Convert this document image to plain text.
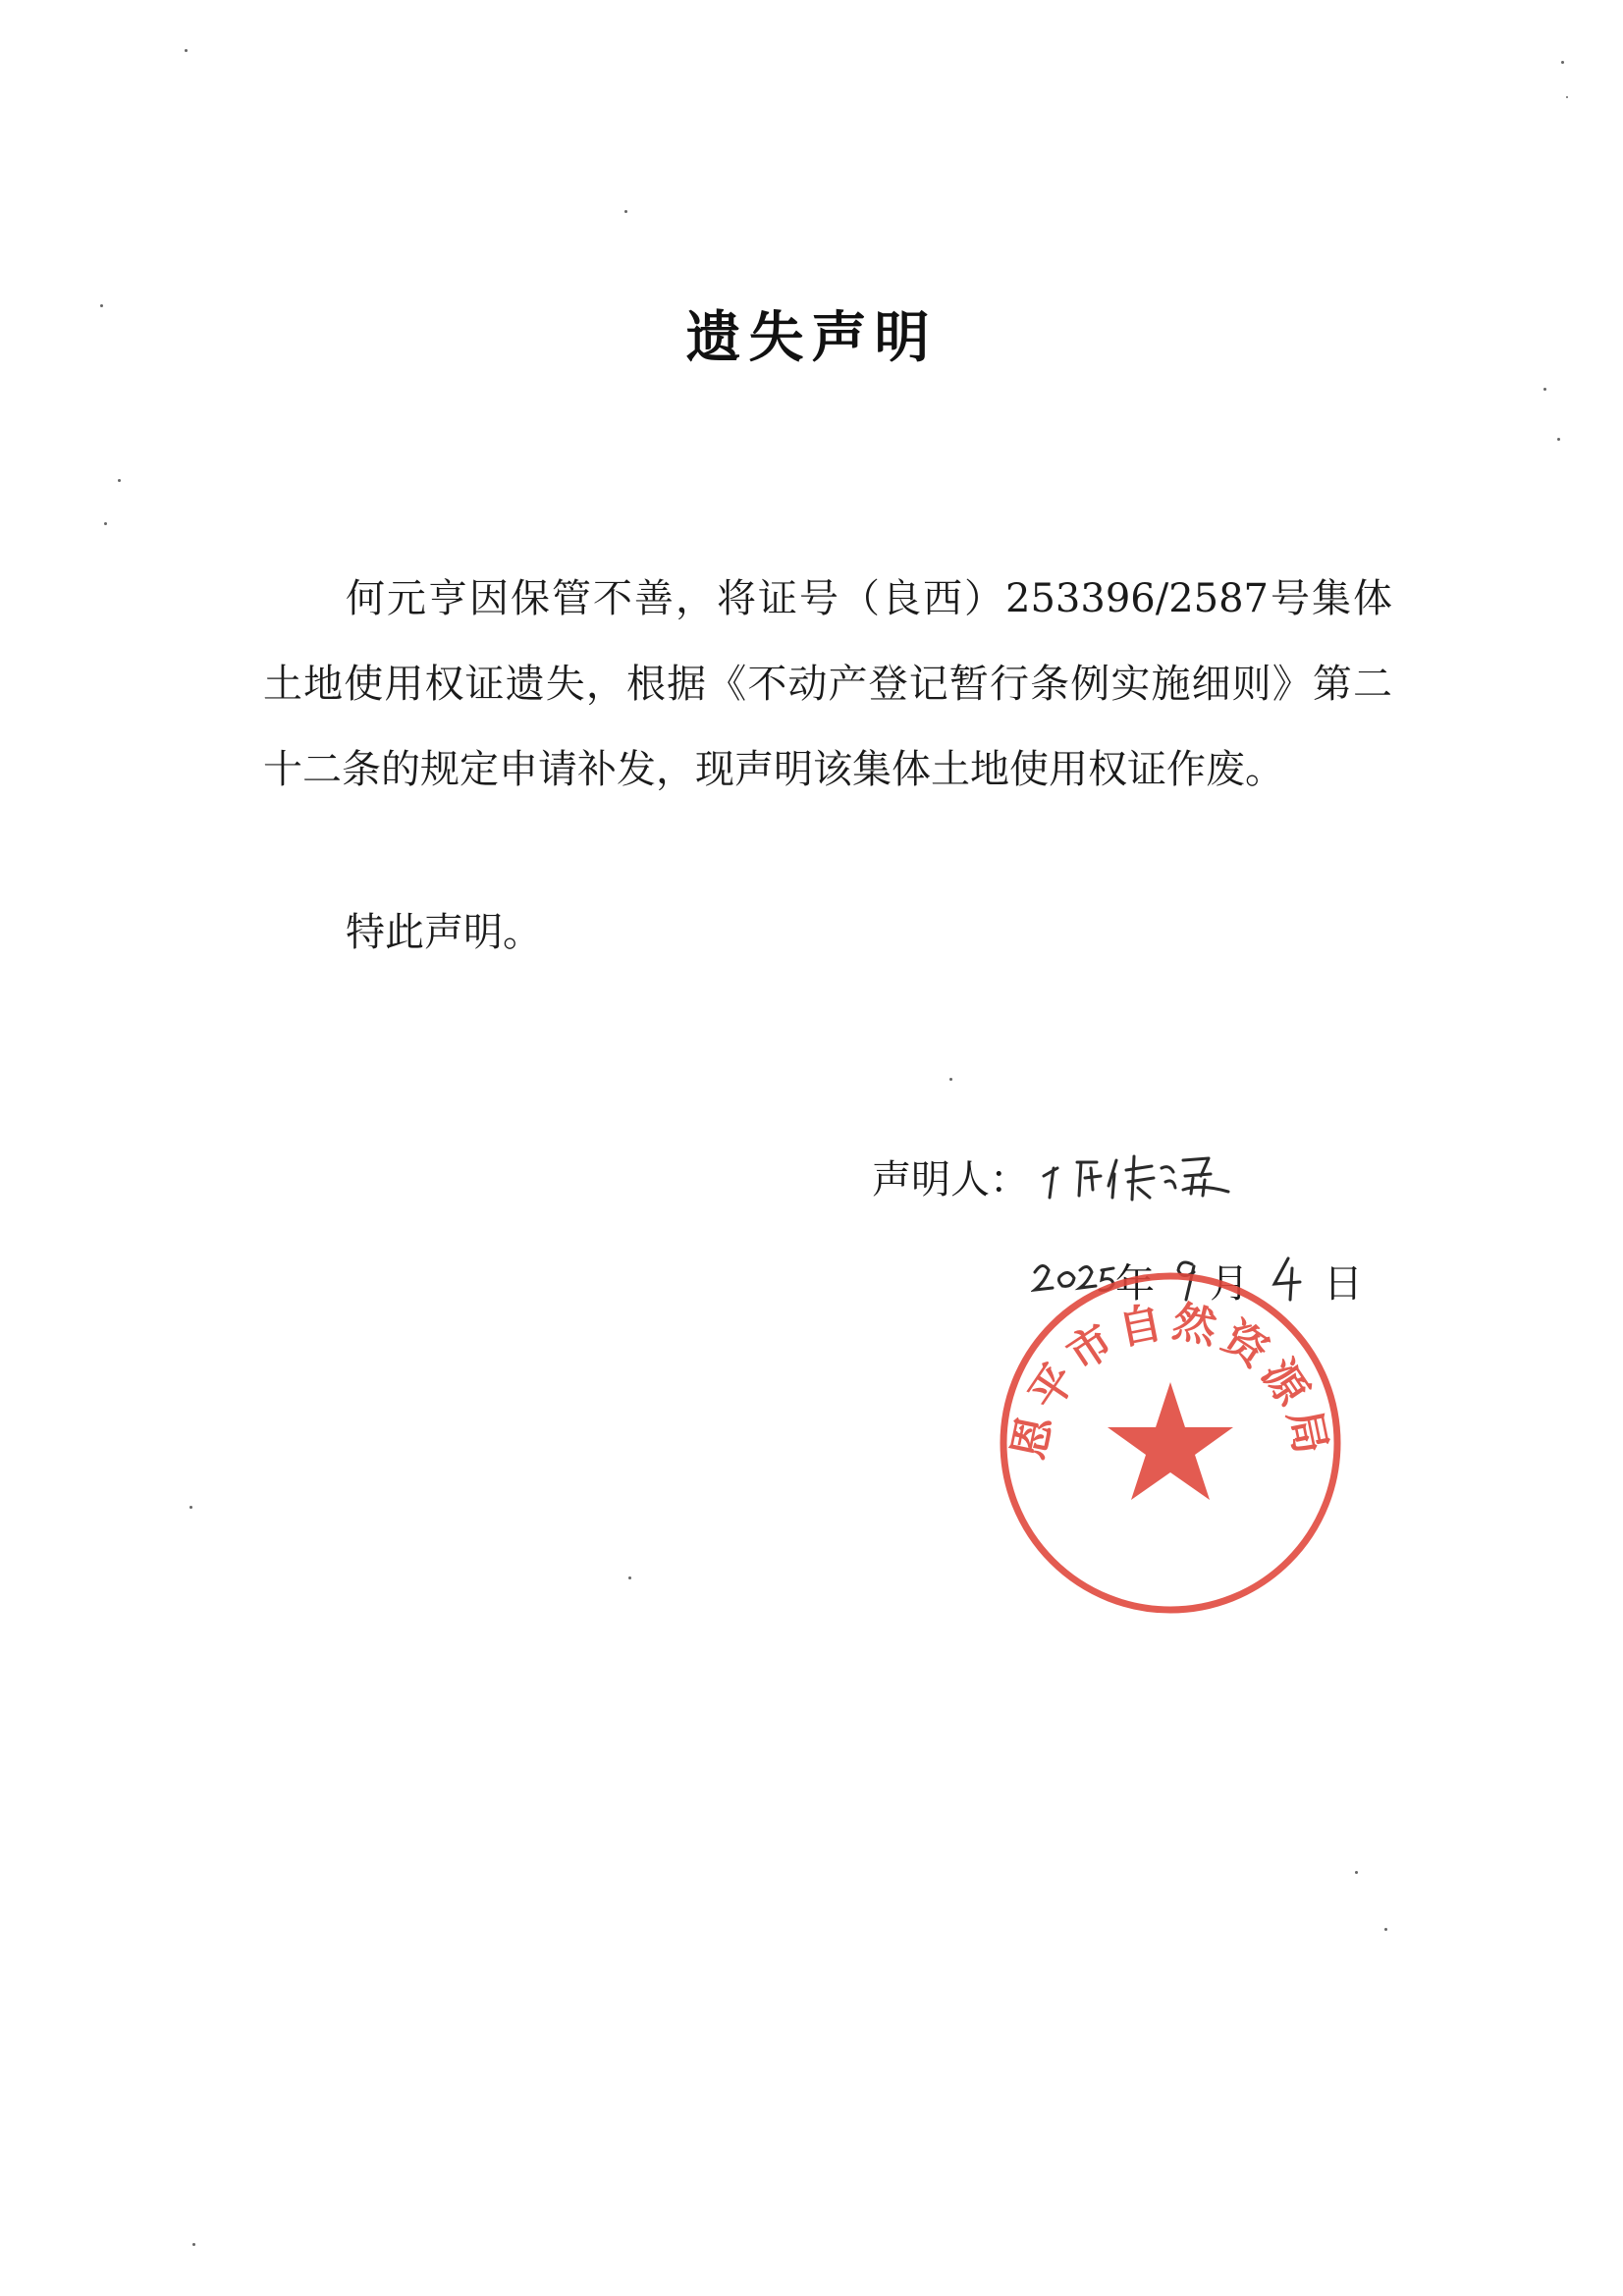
遗失声明

何元亨因保管不善，将证号（良西）253396/2587号集体土地使用权证遗失，根据《不动产登记暂行条例实施细则》第二十二条的规定申请补发，现声明该集体土地使用权证作废。

特此声明。
声明人：
年 月 日
恩平市自然资源局
